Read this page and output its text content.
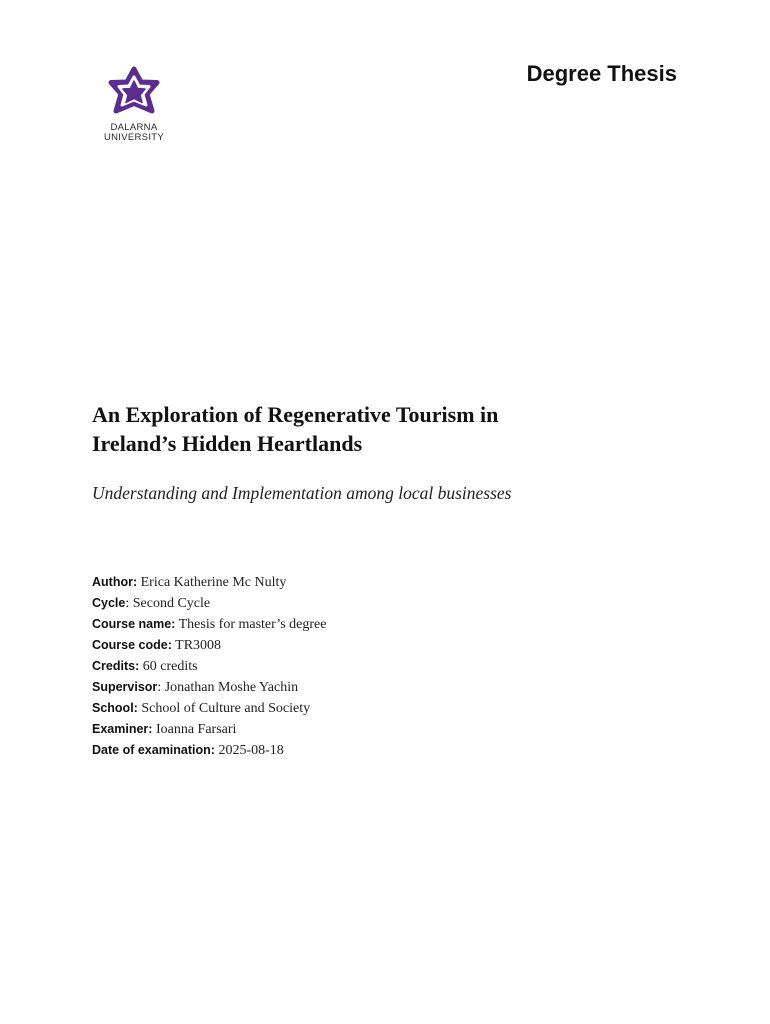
DALARNA
UNIVERSITY
Degree Thesis
An Exploration of Regenerative Tourism in
Ireland’s Hidden Heartlands
Understanding and Implementation among local businesses
Author: Erica Katherine Mc Nulty
Cycle: Second Cycle
Course name: Thesis for master’s degree
Course code: TR3008
Credits: 60 credits
Supervisor: Jonathan Moshe Yachin
School: School of Culture and Society
Examiner: Ioanna Farsari
Date of examination: 2025-08-18
